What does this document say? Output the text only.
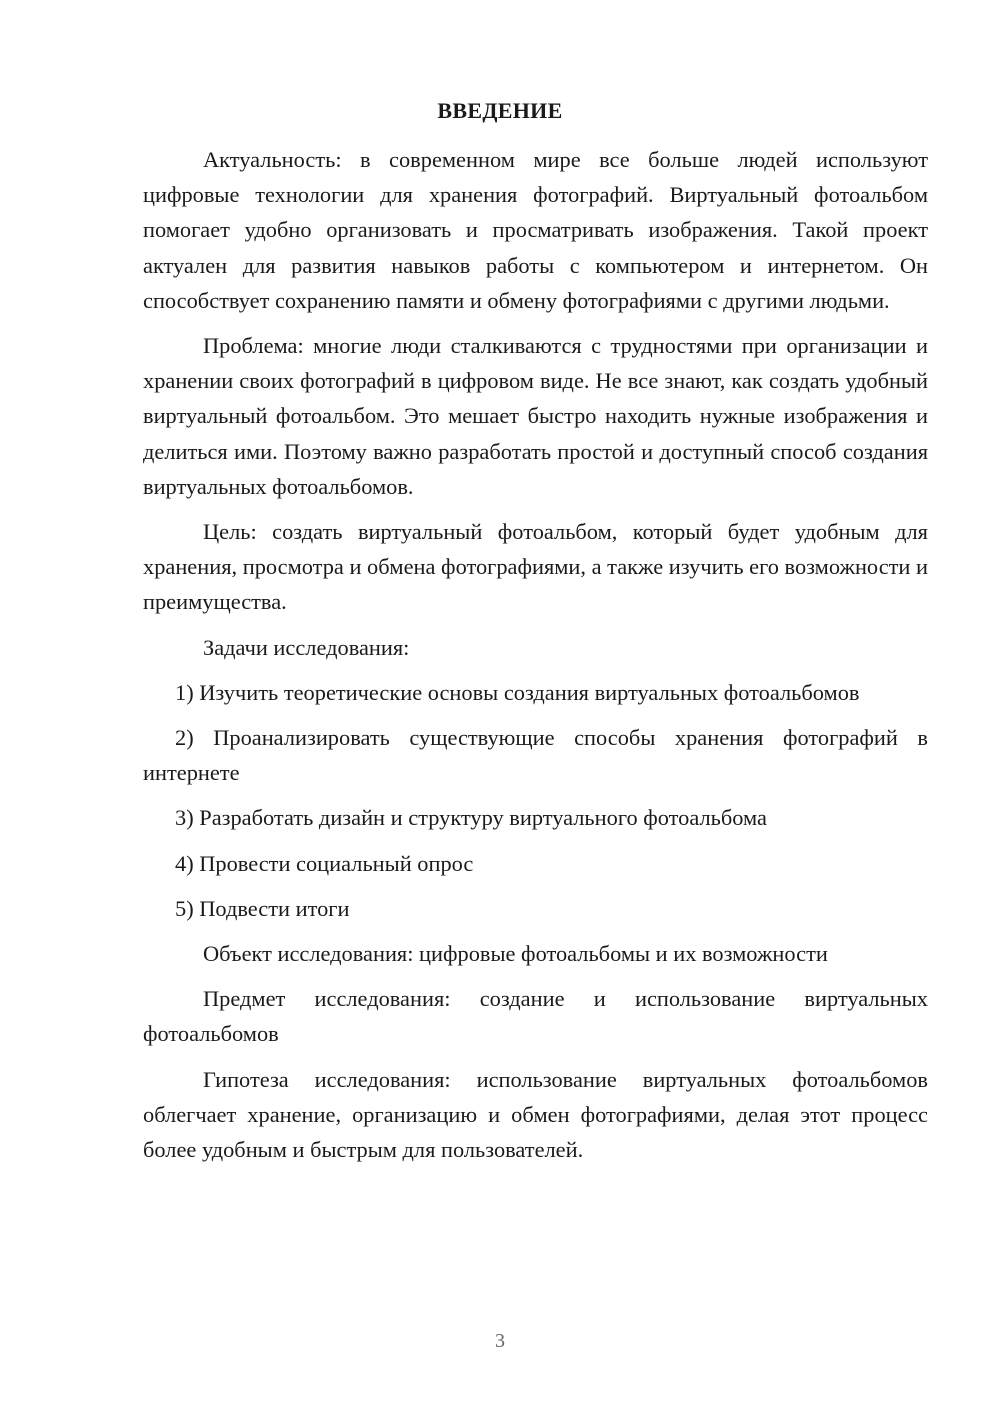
ВВЕДЕНИЕ

Актуальность: в современном мире все больше людей используют цифровые технологии для хранения фотографий. Виртуальный фотоальбом помогает удобно организовать и просматривать изображения. Такой проект актуален для развития навыков работы с компьютером и интернетом. Он способствует сохранению памяти и обмену фотографиями с другими людьми.

Проблема: многие люди сталкиваются с трудностями при организации и хранении своих фотографий в цифровом виде. Не все знают, как создать удобный виртуальный фотоальбом. Это мешает быстро находить нужные изображения и делиться ими. Поэтому важно разработать простой и доступный способ создания виртуальных фотоальбомов.

Цель: создать виртуальный фотоальбом, который будет удобным для хранения, просмотра и обмена фотографиями, а также изучить его возможности и преимущества.

Задачи исследования:

1) Изучить теоретические основы создания виртуальных фотоальбомов

2) Проанализировать существующие способы хранения фотографий в интернете

3) Разработать дизайн и структуру виртуального фотоальбома

4) Провести социальный опрос

5) Подвести итоги

Объект исследования: цифровые фотоальбомы и их возможности

Предмет исследования: создание и использование виртуальных фотоальбомов

Гипотеза исследования: использование виртуальных фотоальбомов облегчает хранение, организацию и обмен фотографиями, делая этот процесс более удобным и быстрым для пользователей.

3
